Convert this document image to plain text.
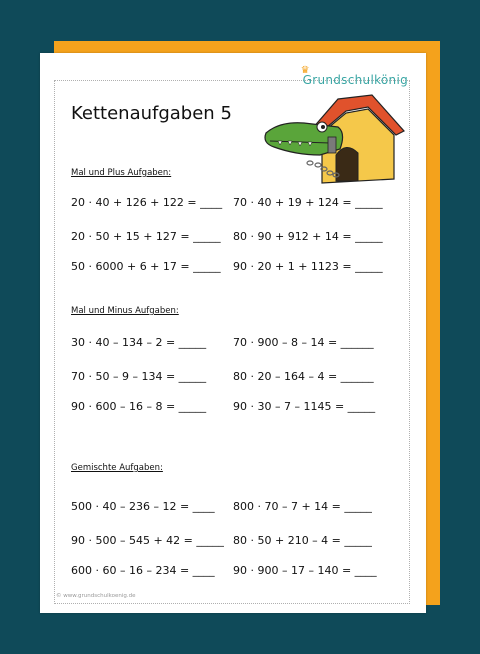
♛
Grundschulkönig
Kettenaufgaben 5
Mal und Plus Aufgaben:
20 · 40 + 126 + 122 = ____ 70 · 40 + 19 + 124 = _____
20 · 50 + 15 + 127 = _____ 80 · 90 + 912 + 14 = _____
50 · 6000 + 6 + 17 = _____ 90 · 20 + 1 + 1123 = _____
Mal und Minus Aufgaben:
30 · 40 – 134 – 2 = _____ 70 · 900 – 8 – 14 = ______
70 · 50 – 9 – 134 = _____ 80 · 20 – 164 – 4 = ______
90 · 600 – 16 – 8 = _____ 90 · 30 – 7 – 1145 = _____
Gemischte Aufgaben:
500 · 40 – 236 – 12 = ____ 800 · 70 – 7 + 14 = _____
90 · 500 – 545 + 42 = _____ 80 · 50 + 210 – 4 = _____
600 · 60 – 16 – 234 = ____ 90 · 900 – 17 – 140 = ____
© www.grundschulkoenig.de
